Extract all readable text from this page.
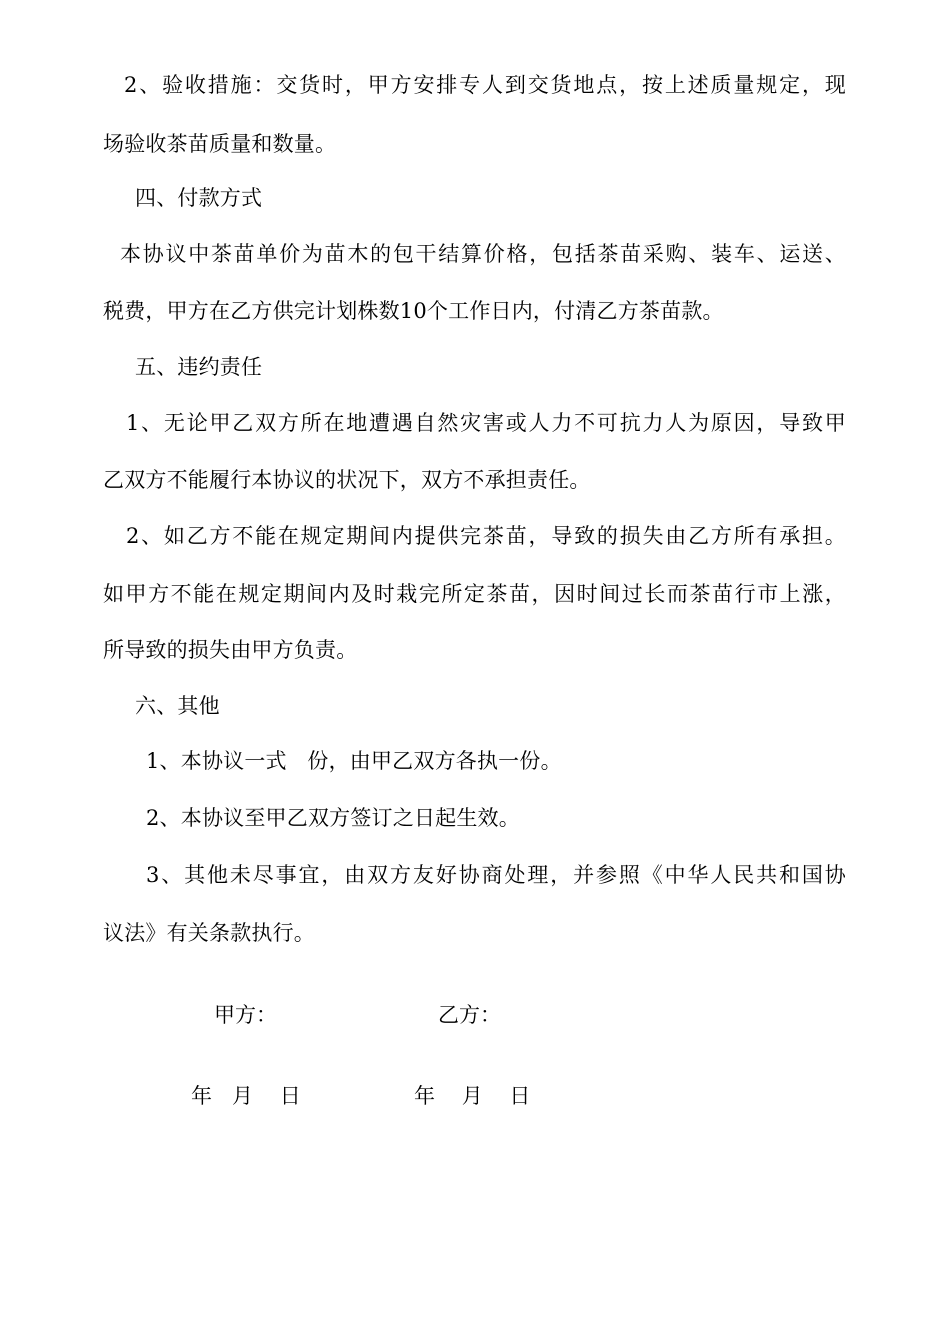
2、验收措施：交货时，甲方安排专人到交货地点，按上述质量规定，现
场验收茶苗质量和数量。
四、付款方式
本协议中茶苗单价为苗木的包干结算价格，包括茶苗采购、装车、运送、
税费，甲方在乙方供完计划株数10个工作日内，付清乙方茶苗款。
五、违约责任
1、无论甲乙双方所在地遭遇自然灾害或人力不可抗力人为原因，导致甲
乙双方不能履行本协议的状况下，双方不承担责任。
2、如乙方不能在规定期间内提供完茶苗，导致的损失由乙方所有承担。
如甲方不能在规定期间内及时栽完所定茶苗，因时间过长而茶苗行市上涨，
所导致的损失由甲方负责。
六、其他
1、本协议一式   份，由甲乙双方各执一份。
2、本协议至甲乙双方签订之日起生效。
3、其他未尽事宜，由双方友好协商处理，并参照《中华人民共和国协
议法》有关条款执行。
甲方：	乙方：
年   月    日	年    月    日
